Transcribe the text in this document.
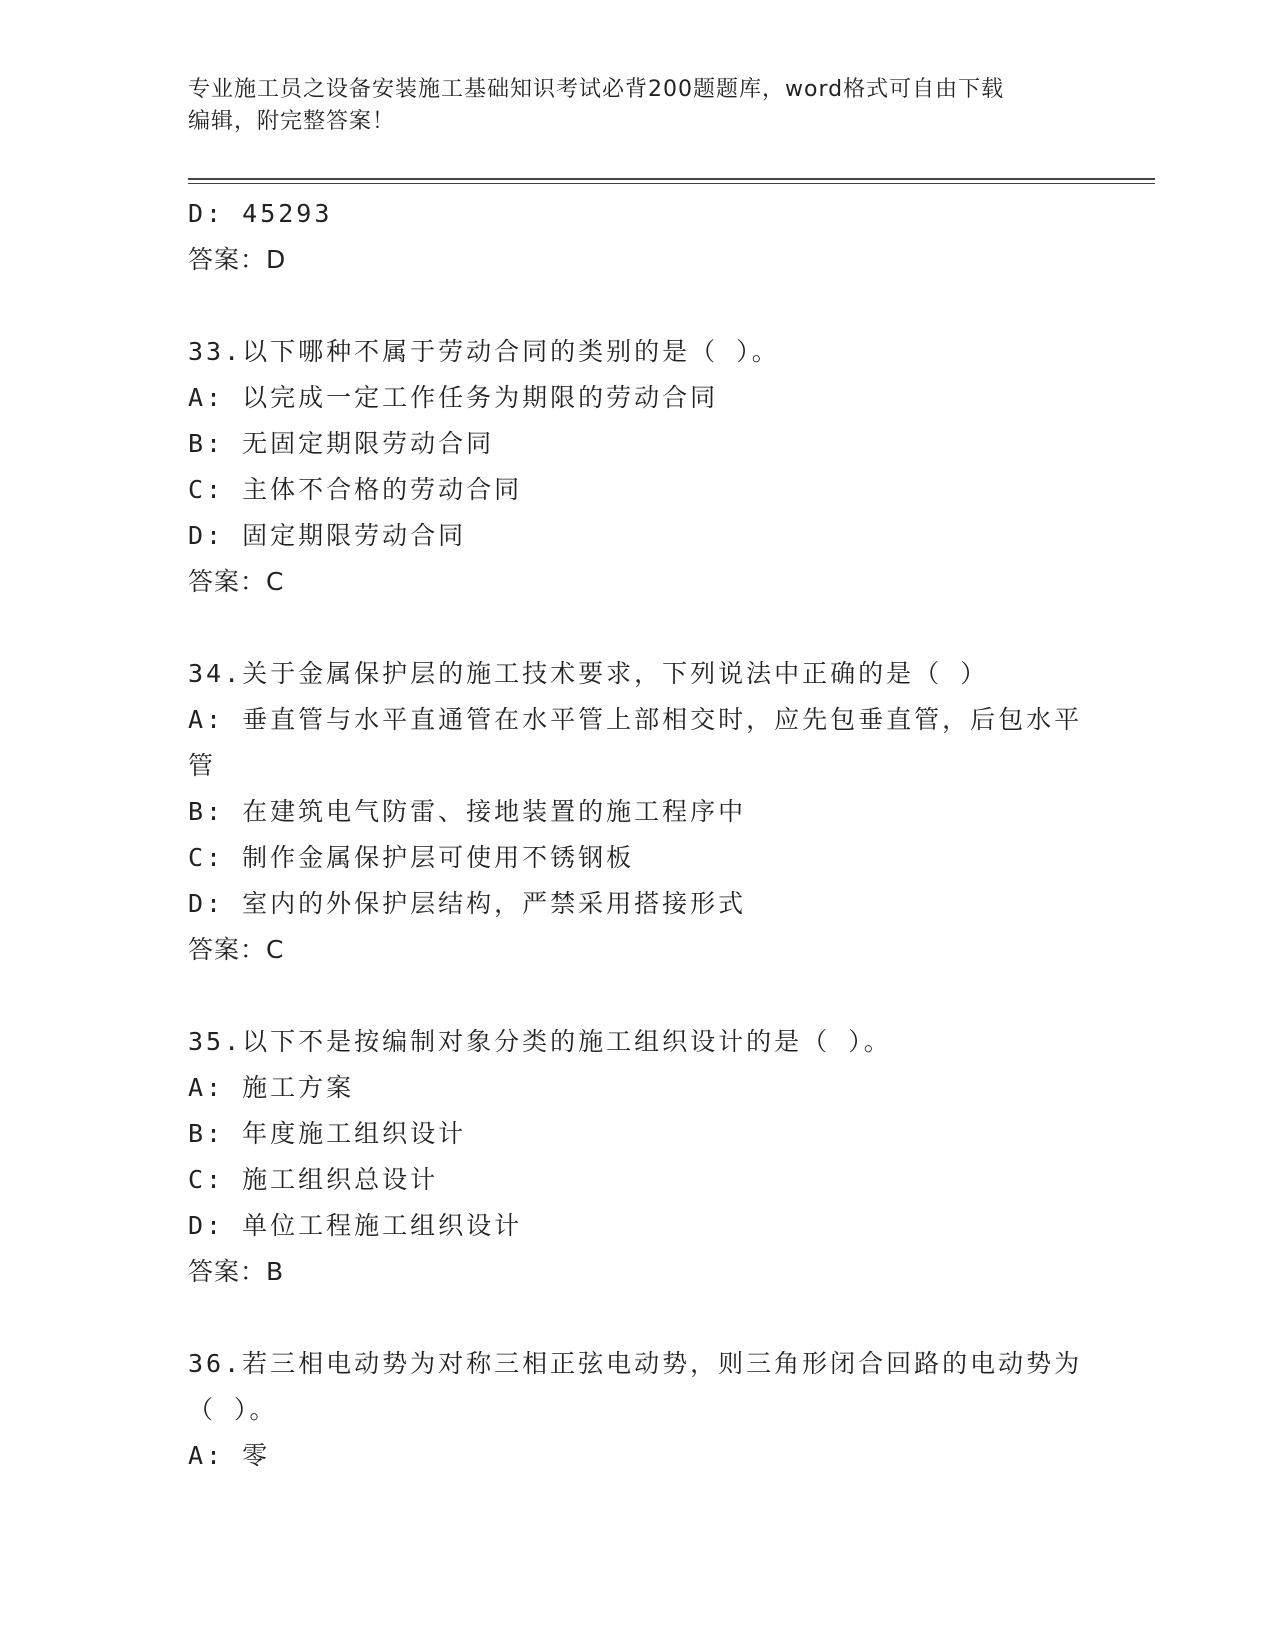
专业施工员之设备安装施工基础知识考试必背200题题库，word格式可自由下载
编辑，附完整答案！
D: 45293
答案：D
33.以下哪种不属于劳动合同的类别的是（ ）。
A: 以完成一定工作任务为期限的劳动合同
B: 无固定期限劳动合同
C: 主体不合格的劳动合同
D: 固定期限劳动合同
答案：C
34.关于金属保护层的施工技术要求，下列说法中正确的是（ ）
A: 垂直管与水平直通管在水平管上部相交时，应先包垂直管，后包水平管
B: 在建筑电气防雷、接地装置的施工程序中
C: 制作金属保护层可使用不锈钢板
D: 室内的外保护层结构，严禁采用搭接形式
答案：C
35.以下不是按编制对象分类的施工组织设计的是（ ）。
A: 施工方案
B: 年度施工组织设计
C: 施工组织总设计
D: 单位工程施工组织设计
答案：B
36.若三相电动势为对称三相正弦电动势，则三角形闭合回路的电动势为（ ）。
A: 零
